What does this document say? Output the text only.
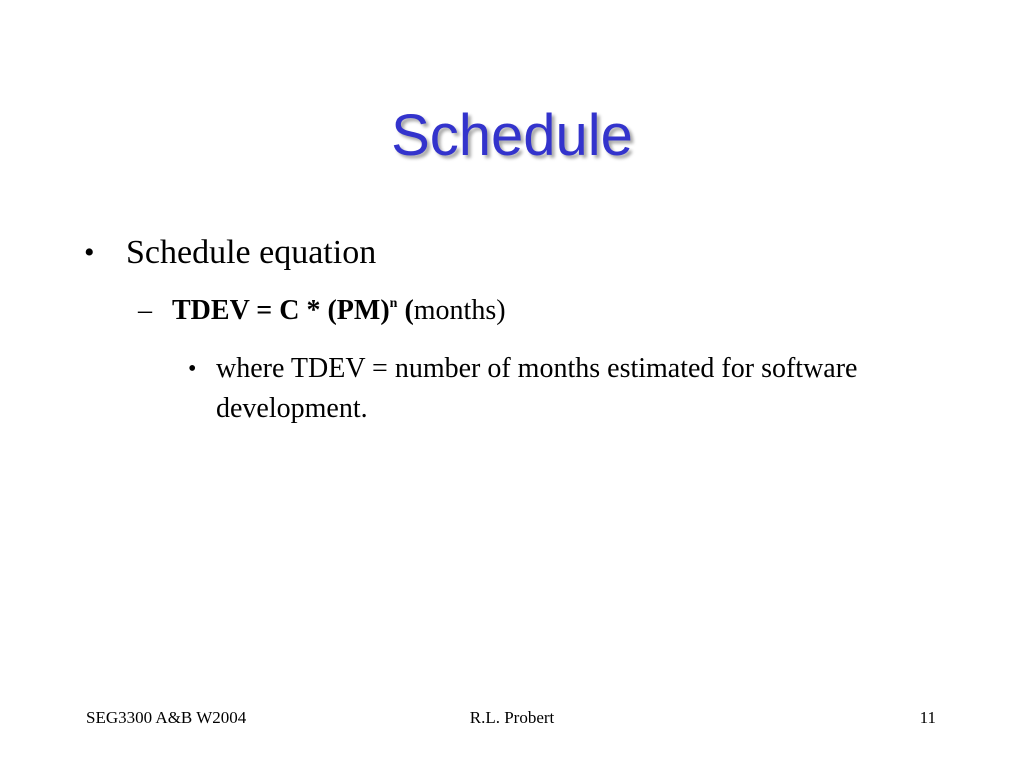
Schedule
• Schedule equation
– TDEV = C * (PM)$^n$ (months)
• where TDEV = number of months estimated for software development.
SEG3300 A&B W2004	R.L. Probert	11
